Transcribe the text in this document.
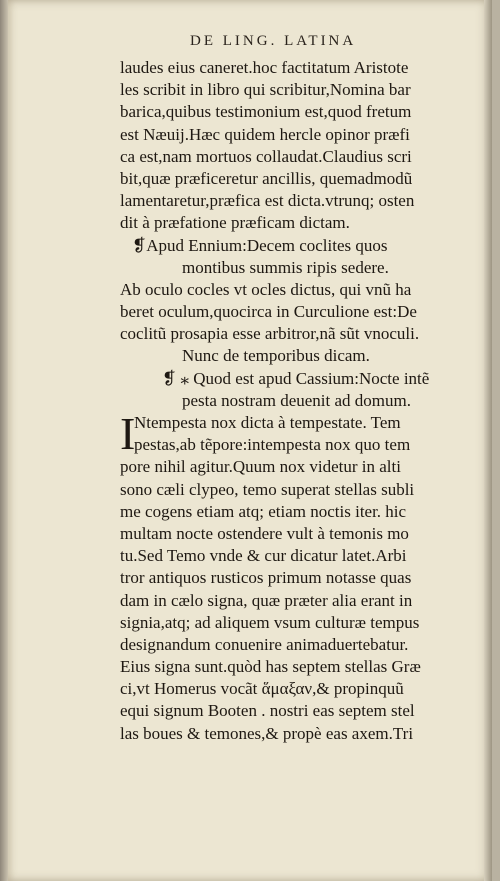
DE LING. LATINA
laudes eius caneret.hoc factitatum Aristote
les scribit in libro qui scribitur,Nomina bar
barica,quibus testimonium est,quod fretum
est Næuij.Hæc quidem hercle opinor præfi
ca est,nam mortuos collaudat.Claudius scri
bit,quæ præficeretur ancillis, quemadmodũ
lamentaretur,præfica est dicta.vtrunq; osten
dit à præfatione præficam dictam.
❡Apud Ennium:Decem coclites quos
montibus summis ripis sedere.
Ab oculo cocles vt ocles dictus, qui vnũ ha
beret oculum,quocirca in Curculione est:De
coclitũ prosapia esse arbitror,nã sũt vnoculi.
Nunc de temporibus dicam.
❡ ⁎ Quod est apud Cassium:Nocte intẽ
pesta nostram deuenit ad domum.
I
Ntempesta nox dicta à tempestate. Tem
pestas,ab tẽpore:intempesta nox quo tem
pore nihil agitur.Quum nox videtur in alti
sono cæli clypeo, temo superat stellas subli
me cogens etiam atq; etiam noctis iter. hic
multam nocte ostendere vult à temonis mo
tu.Sed Temo vnde & cur dicatur latet.Arbi
tror antiquos rusticos primum notasse quas
dam in cælo signa, quæ præter alia erant in
signia,atq; ad aliquem vsum culturæ tempus
designandum conuenire animaduertebatur.
Eius signa sunt.quòd has septem stellas Græ
ci,vt Homerus vocãt ἅμαξαν,& propinquũ
equi signum Booten . nostri eas septem stel
las boues & temones,& propè eas axem.Tri
